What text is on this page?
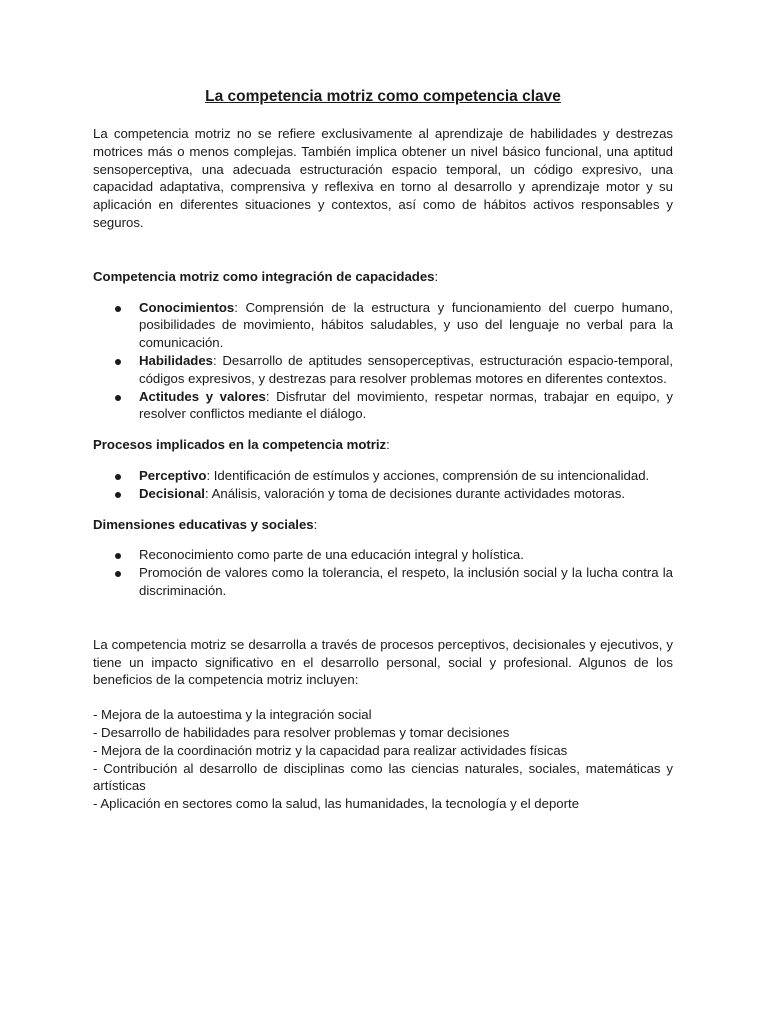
La competencia motriz como competencia clave

La competencia motriz no se refiere exclusivamente al aprendizaje de habilidades y destrezas motrices más o menos complejas. También implica obtener un nivel básico funcional, una aptitud sensoperceptiva, una adecuada estructuración espacio temporal, un código expresivo, una capacidad adaptativa, comprensiva y reflexiva en torno al desarrollo y aprendizaje motor y su aplicación en diferentes situaciones y contextos, así como de hábitos activos responsables y seguros.

Competencia motriz como integración de capacidades:

Conocimientos: Comprensión de la estructura y funcionamiento del cuerpo humano, posibilidades de movimiento, hábitos saludables, y uso del lenguaje no verbal para la comunicación.
Habilidades: Desarrollo de aptitudes sensoperceptivas, estructuración espacio-temporal, códigos expresivos, y destrezas para resolver problemas motores en diferentes contextos.
Actitudes y valores: Disfrutar del movimiento, respetar normas, trabajar en equipo, y resolver conflictos mediante el diálogo.

Procesos implicados en la competencia motriz:

Perceptivo: Identificación de estímulos y acciones, comprensión de su intencionalidad.
Decisional: Análisis, valoración y toma de decisiones durante actividades motoras.

Dimensiones educativas y sociales:

Reconocimiento como parte de una educación integral y holística.
Promoción de valores como la tolerancia, el respeto, la inclusión social y la lucha contra la discriminación.

La competencia motriz se desarrolla a través de procesos perceptivos, decisionales y ejecutivos, y tiene un impacto significativo en el desarrollo personal, social y profesional. Algunos de los beneficios de la competencia motriz incluyen:

- Mejora de la autoestima y la integración social
- Desarrollo de habilidades para resolver problemas y tomar decisiones
- Mejora de la coordinación motriz y la capacidad para realizar actividades físicas
- Contribución al desarrollo de disciplinas como las ciencias naturales, sociales, matemáticas y artísticas
- Aplicación en sectores como la salud, las humanidades, la tecnología y el deporte
